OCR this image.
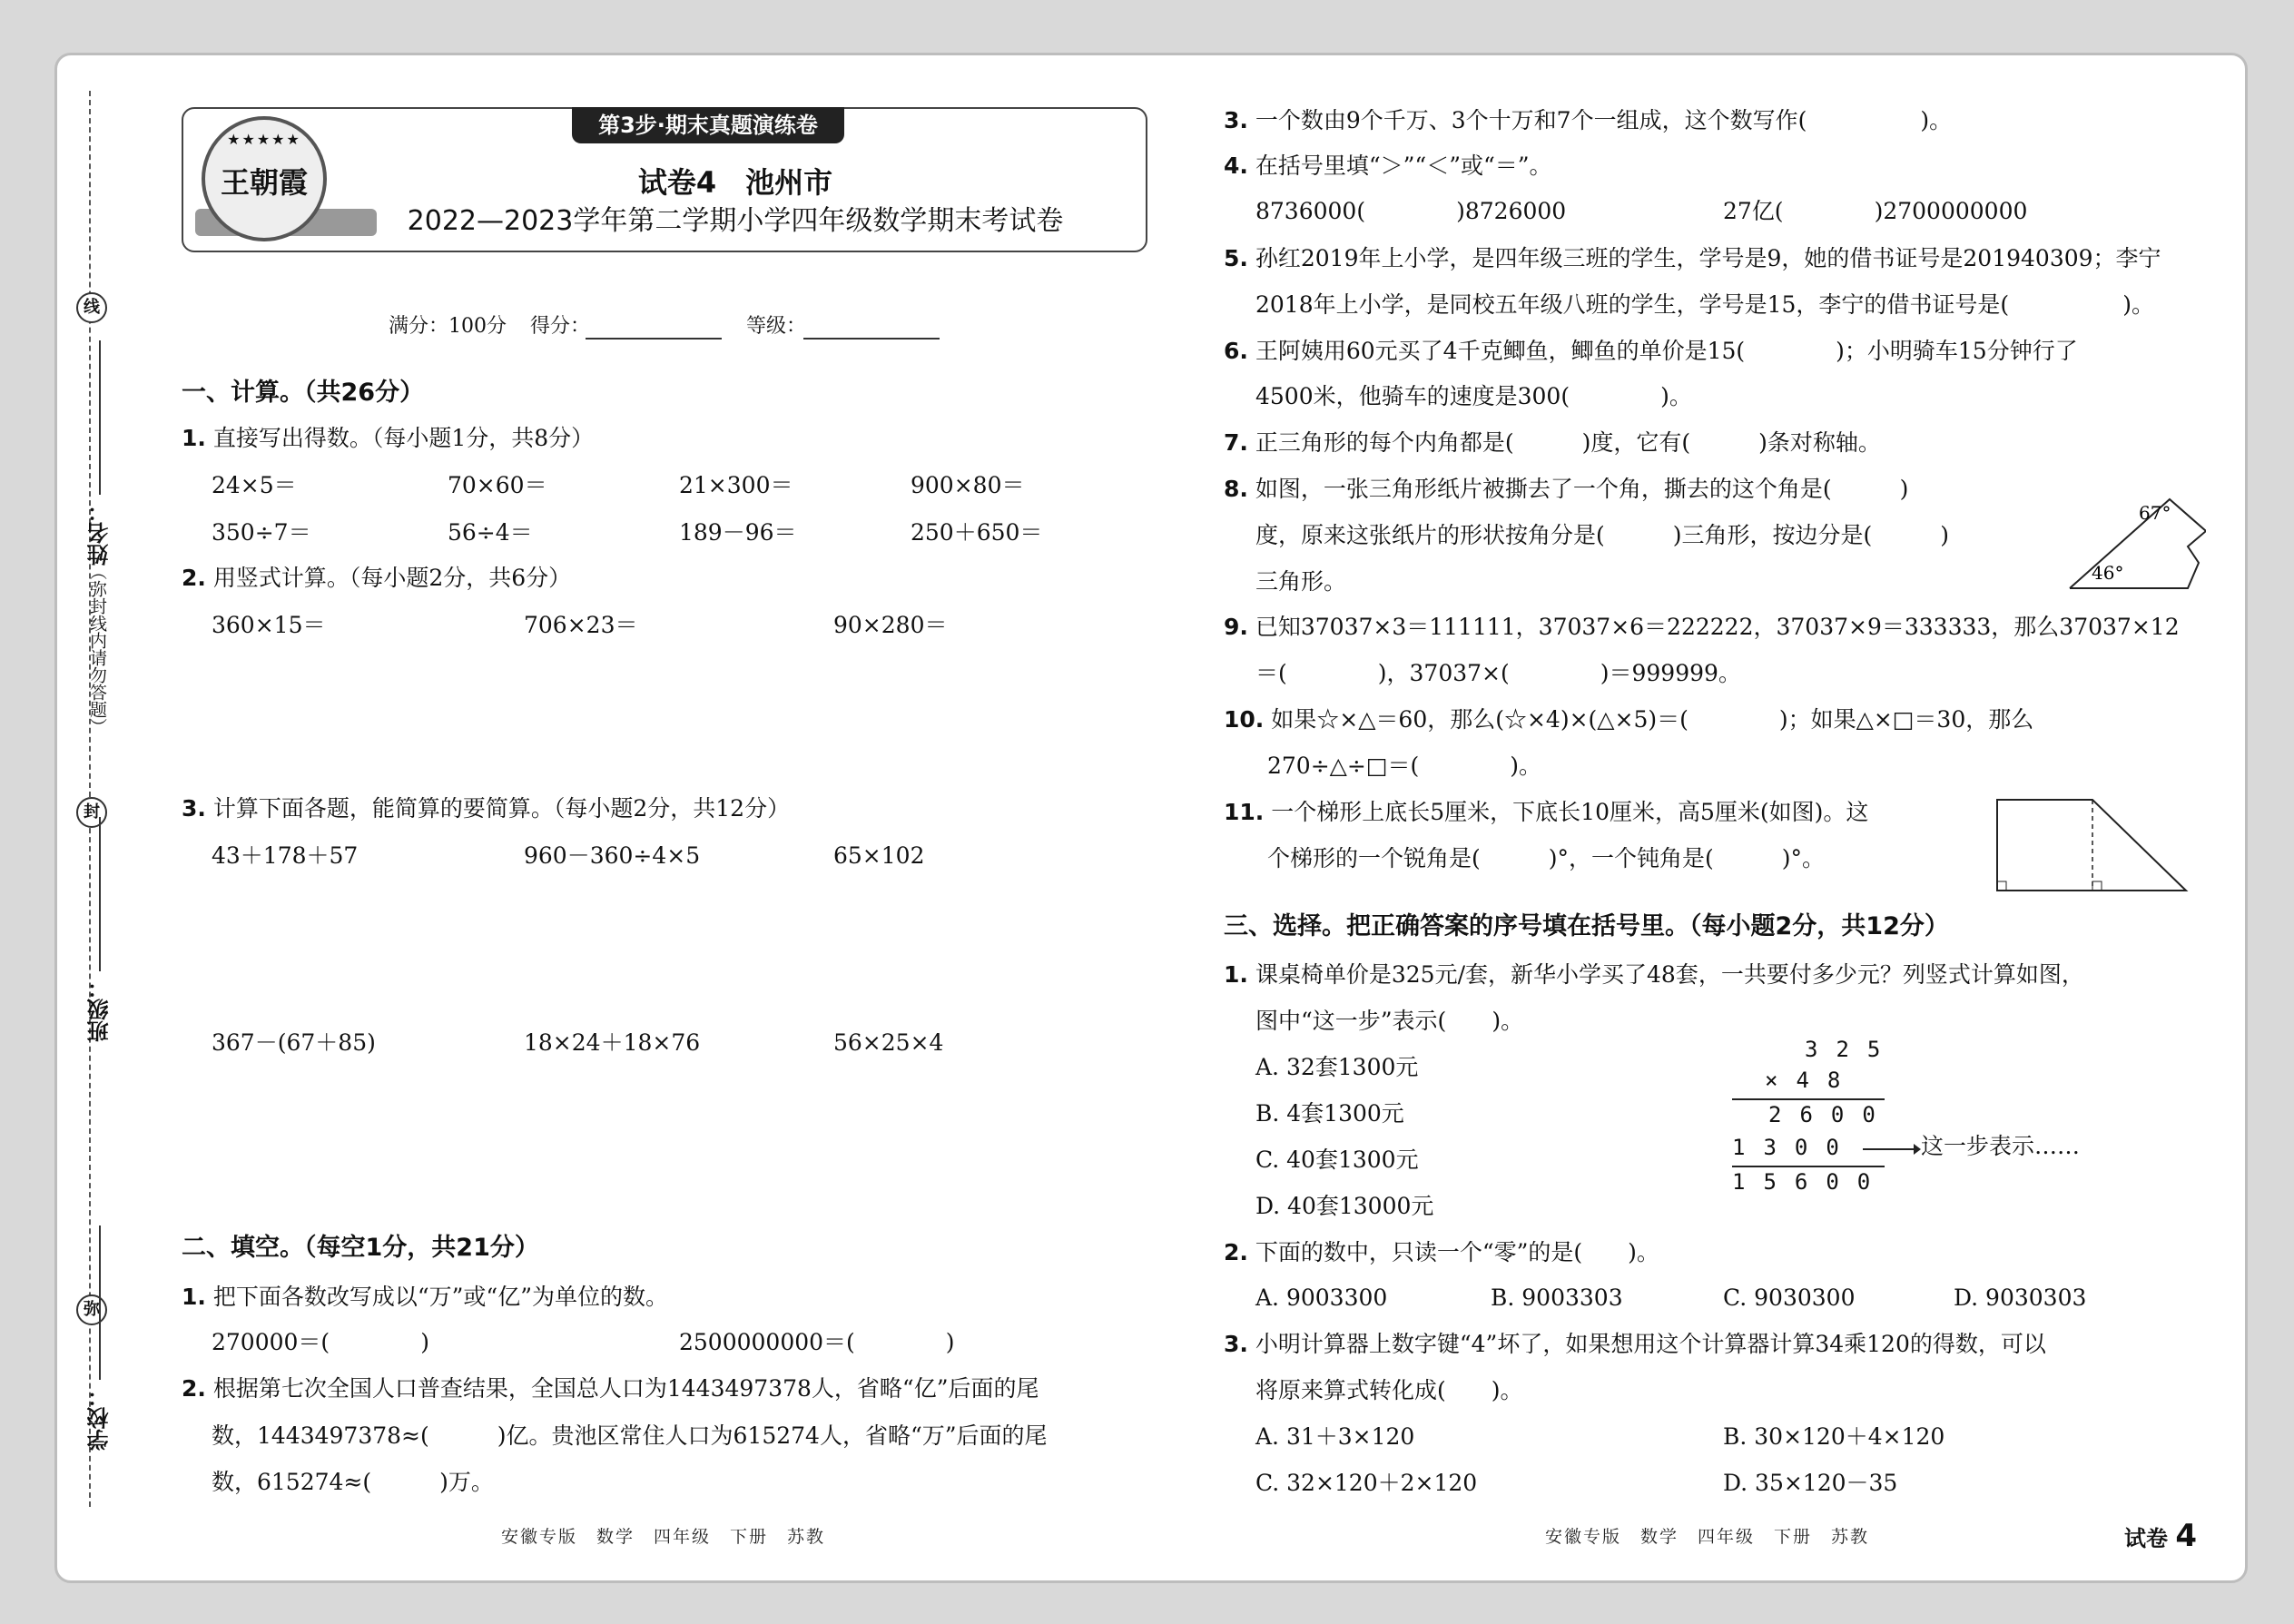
线
封
弥
（弥封线内请勿答题）
姓名：
班级：
学校：
第3步·期末真题演练卷
★★★★★
王朝霞	试卷4　池州市
2022—2023学年第二学期小学四年级数学期末考试卷
满分：100分 得分：	等级：
一、计算。（共26分）
1. 直接写出得数。（每小题1分，共8分）
24×5＝	70×60＝	21×300＝	900×80＝
350÷7＝	56÷4＝	189－96＝	250＋650＝
2. 用竖式计算。（每小题2分，共6分）
360×15＝	706×23＝	90×280＝
3. 计算下面各题，能简算的要简算。（每小题2分，共12分）
43＋178＋57	960－360÷4×5	65×102
367－(67＋85)	18×24＋18×76	56×25×4
二、填空。（每空1分，共21分）
1. 把下面各数改写成以“万”或“亿”为单位的数。
270000＝(　　　　)	2500000000＝(　　　　)
2. 根据第七次全国人口普查结果，全国总人口为1443497378人，省略“亿”后面的尾
数，1443497378≈(　　　)亿。贵池区常住人口为615274人，省略“万”后面的尾
数，615274≈(　　　)万。
安徽专版　数学　四年级　下册　苏教
3. 一个数由9个千万、3个十万和7个一组成，这个数写作(　　　　　)。
4. 在括号里填“＞”“＜”或“＝”。
8736000(　　　　)8726000	27亿(　　　　)2700000000
5. 孙红2019年上小学，是四年级三班的学生，学号是9，她的借书证号是201940309；李宁
2018年上小学，是同校五年级八班的学生，学号是15，李宁的借书证号是(　　　　　)。
6. 王阿姨用60元买了4千克鲫鱼，鲫鱼的单价是15(　　　　)；小明骑车15分钟行了
4500米，他骑车的速度是300(　　　　)。
7. 正三角形的每个内角都是(　　　)度，它有(　　　)条对称轴。
8. 如图，一张三角形纸片被撕去了一个角，撕去的这个角是(　　　)
度，原来这张纸片的形状按角分是(　　　)三角形，按边分是(　　　)
三角形。
67°
46°
9. 已知37037×3＝111111，37037×6＝222222，37037×9＝333333，那么37037×12
＝(　　　　)，37037×(　　　　)＝999999。
10. 如果☆×△＝60，那么(☆×4)×(△×5)＝(　　　　)；如果△×□＝30，那么
270÷△÷□＝(　　　　)。
11. 一个梯形上底长5厘米，下底长10厘米，高5厘米(如图)。这
个梯形的一个锐角是(　　　)°，一个钝角是(　　　)°。
三、选择。把正确答案的序号填在括号里。（每小题2分，共12分）
1. 课桌椅单价是325元/套，新华小学买了48套，一共要付多少元？列竖式计算如图，
图中“这一步”表示(　　)。
A. 32套1300元
B. 4套1300元
C. 40套1300元
D. 40套13000元
325
×48
2600
1300
15600
这一步表示……
2. 下面的数中，只读一个“零”的是(　　)。
A. 9003300	B. 9003303	C. 9030300	D. 9030303
3. 小明计算器上数字键“4”坏了，如果想用这个计算器计算34乘120的得数，可以
将原来算式转化成(　　)。
A. 31＋3×120	B. 30×120＋4×120
C. 32×120＋2×120	D. 35×120－35
安徽专版　数学　四年级　下册　苏教	试卷 4
